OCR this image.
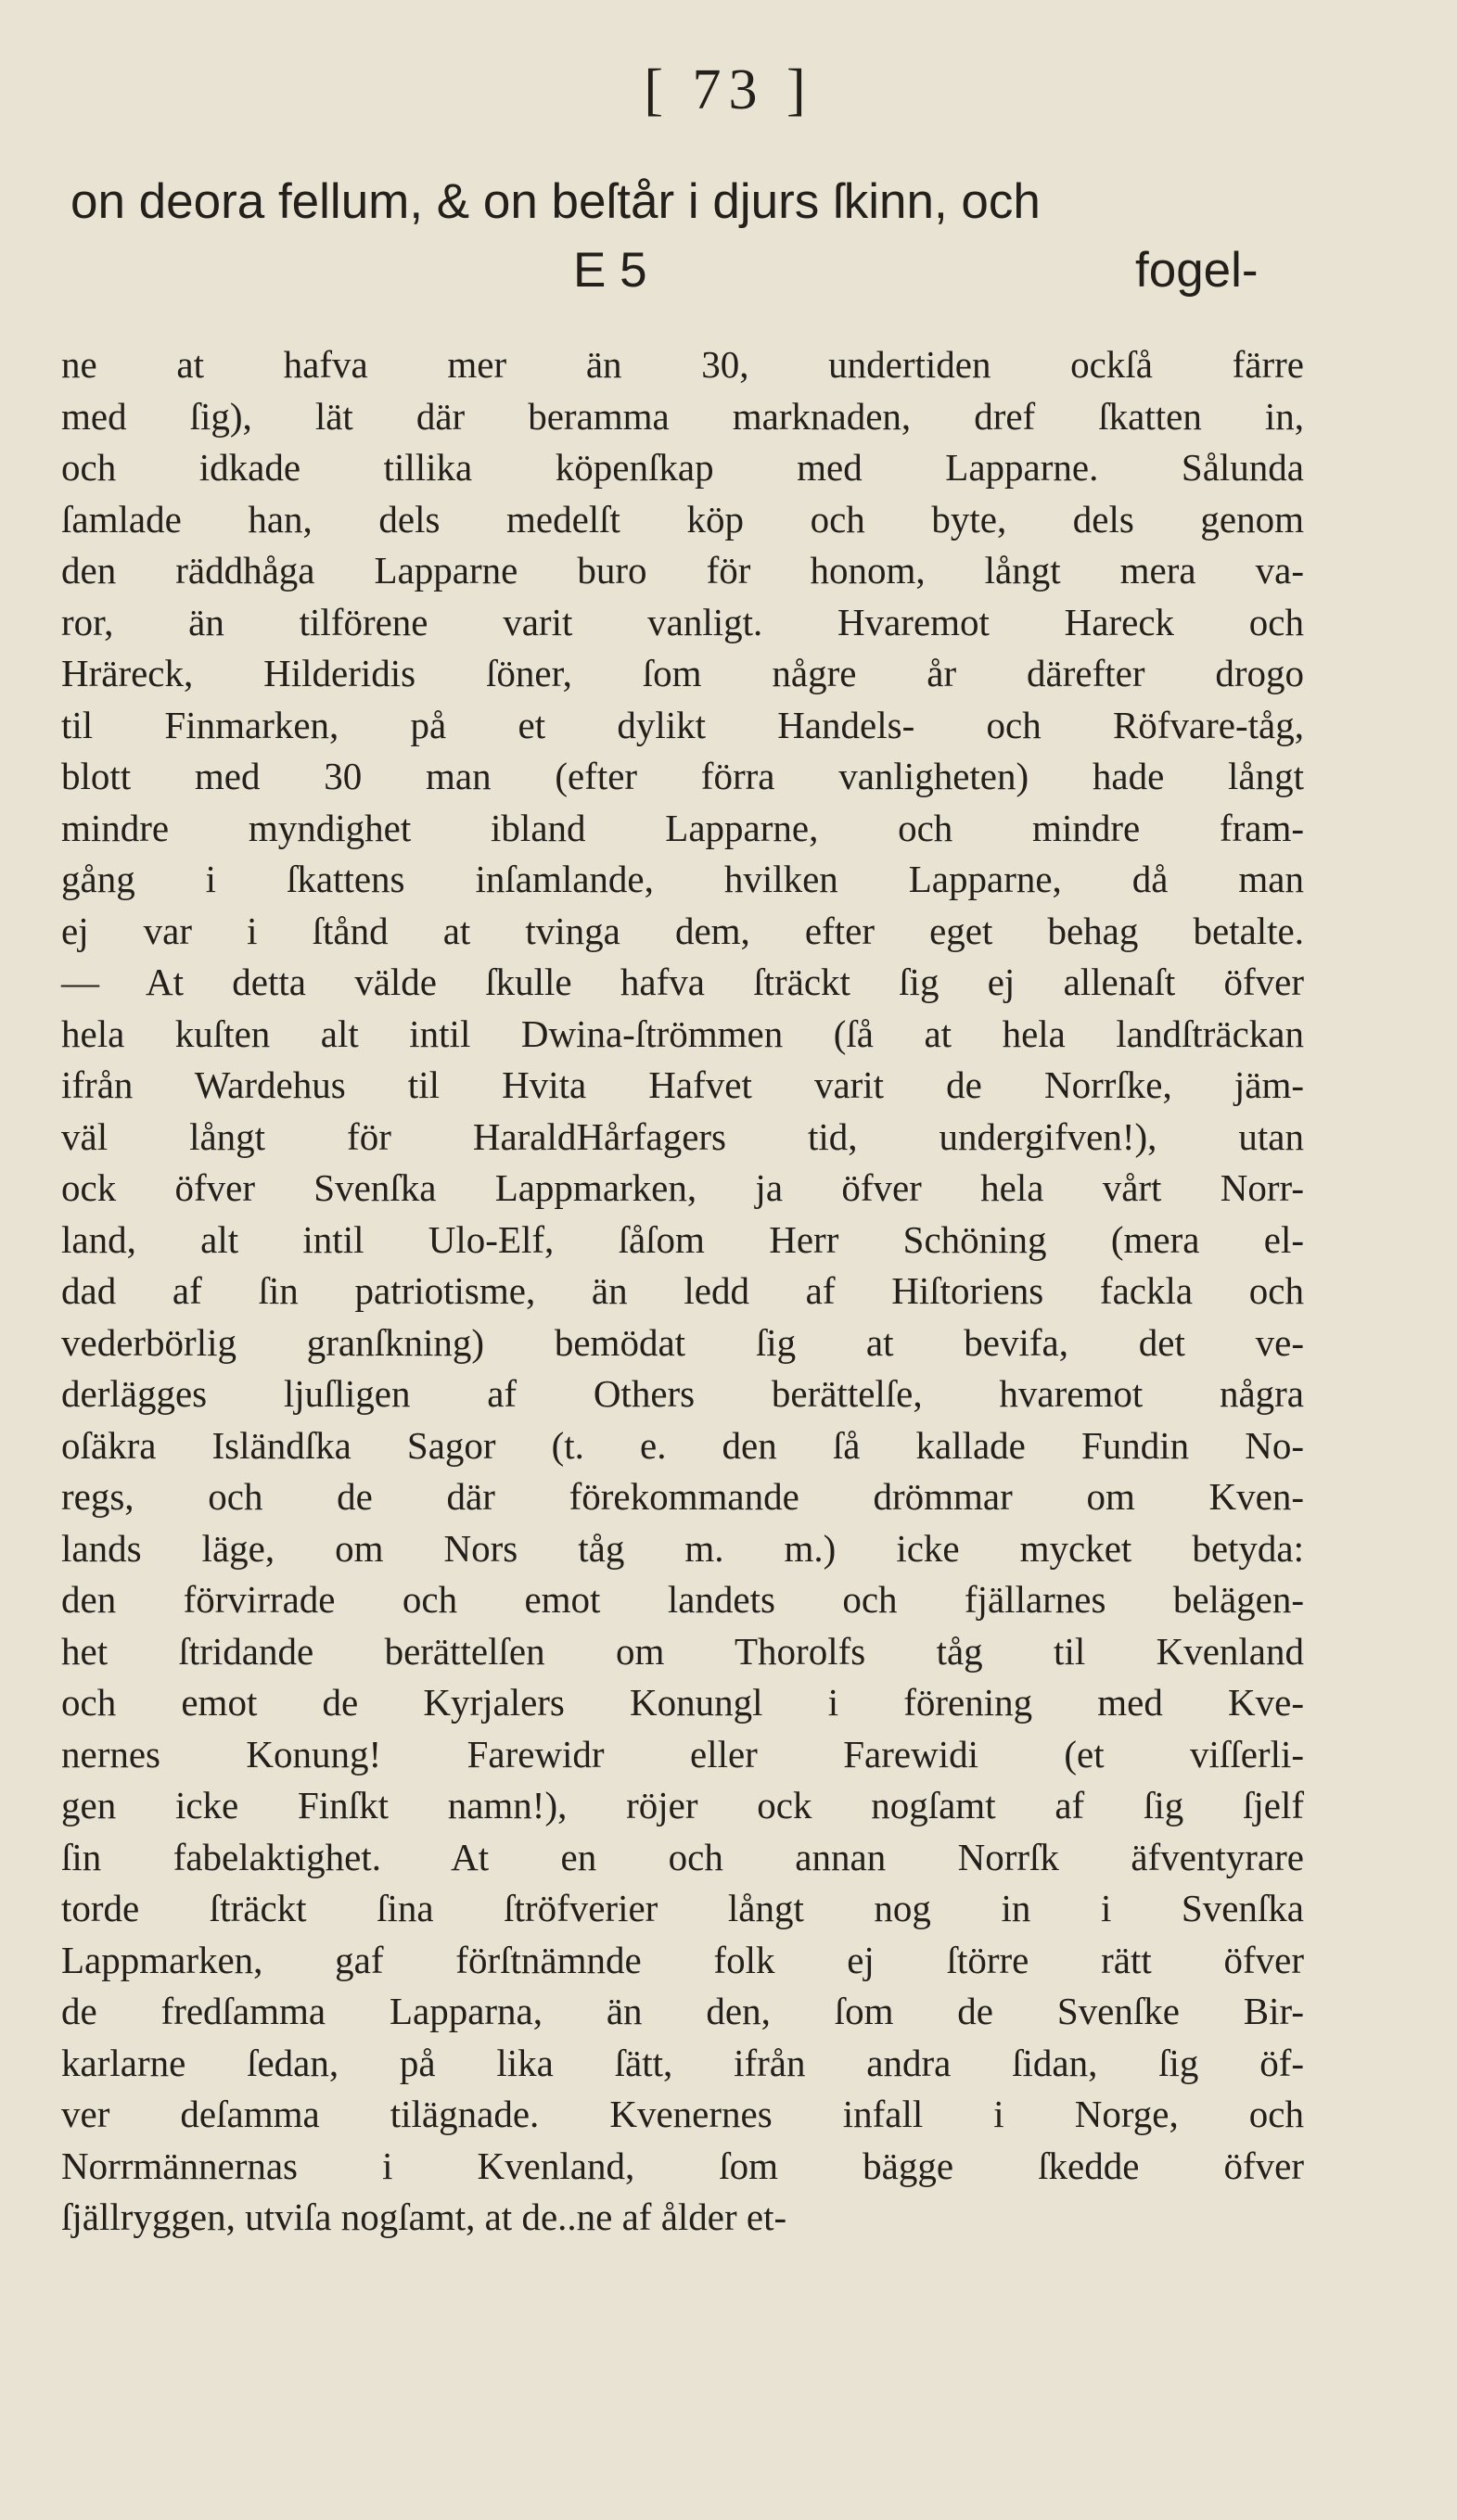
[ 73 ]
on deora fellum, & on beſtår i djurs ſkinn, och
E 5	fogel-
ne at hafva mer än 30, undertiden ockſå färre
med ſig), lät där beramma marknaden, dref ſkatten in,
och idkade tillika köpenſkap med Lapparne. Sålunda
ſamlade han, dels medelſt köp och byte, dels genom
den räddhåga Lapparne buro för honom, långt mera va-
ror, än tilförene varit vanligt. Hvaremot Hareck och
Hräreck, Hilderidis ſöner, ſom någre år därefter drogo
til Finmarken, på et dylikt Handels- och Röfvare-tåg,
blott med 30 man (efter förra vanligheten) hade långt
mindre myndighet ibland Lapparne, och mindre fram-
gång i ſkattens inſamlande, hvilken Lapparne, då man
ej var i ſtånd at tvinga dem, efter eget behag betalte.
— At detta välde ſkulle hafva ſträckt ſig ej allenaſt öfver
hela kuſten alt intil Dwina-ſtrömmen (ſå at hela landſträckan
ifrån Wardehus til Hvita Hafvet varit de Norrſke, jäm-
väl långt för HaraldHårfagers tid, undergifven!), utan
ock öfver Svenſka Lappmarken, ja öfver hela vårt Norr-
land, alt intil Ulo-Elf, ſåſom Herr Schöning (mera el-
dad af ſin patriotisme, än ledd af Hiſtoriens fackla och
vederbörlig granſkning) bemödat ſig at bevifa, det ve-
derlägges ljuſligen af Others berättelſe, hvaremot några
oſäkra Isländſka Sagor (t. e. den ſå kallade Fundin No-
regs, och de där förekommande drömmar om Kven-
lands läge, om Nors tåg m. m.) icke mycket betyda:
den förvirrade och emot landets och fjällarnes belägen-
het ſtridande berättelſen om Thorolfs tåg til Kvenland
och emot de Kyrjalers Konungl i förening med Kve-
nernes Konung! Farewidr eller Farewidi (et viſſerli-
gen icke Finſkt namn!), röjer ock nogſamt af ſig ſjelf
ſin fabelaktighet. At en och annan Norrſk äfventyrare
torde ſträckt ſina ſtröfverier långt nog in i Svenſka
Lappmarken, gaf förſtnämnde folk ej ſtörre rätt öfver
de fredſamma Lapparna, än den, ſom de Svenſke Bir-
karlarne ſedan, på lika ſätt, ifrån andra ſidan, ſig öf-
ver deſamma tilägnade. Kvenernes infall i Norge, och
Norrmännernas i Kvenland, ſom bägge ſkedde öfver
ſjällryggen, utviſa nogſamt, at de..ne af ålder et-
